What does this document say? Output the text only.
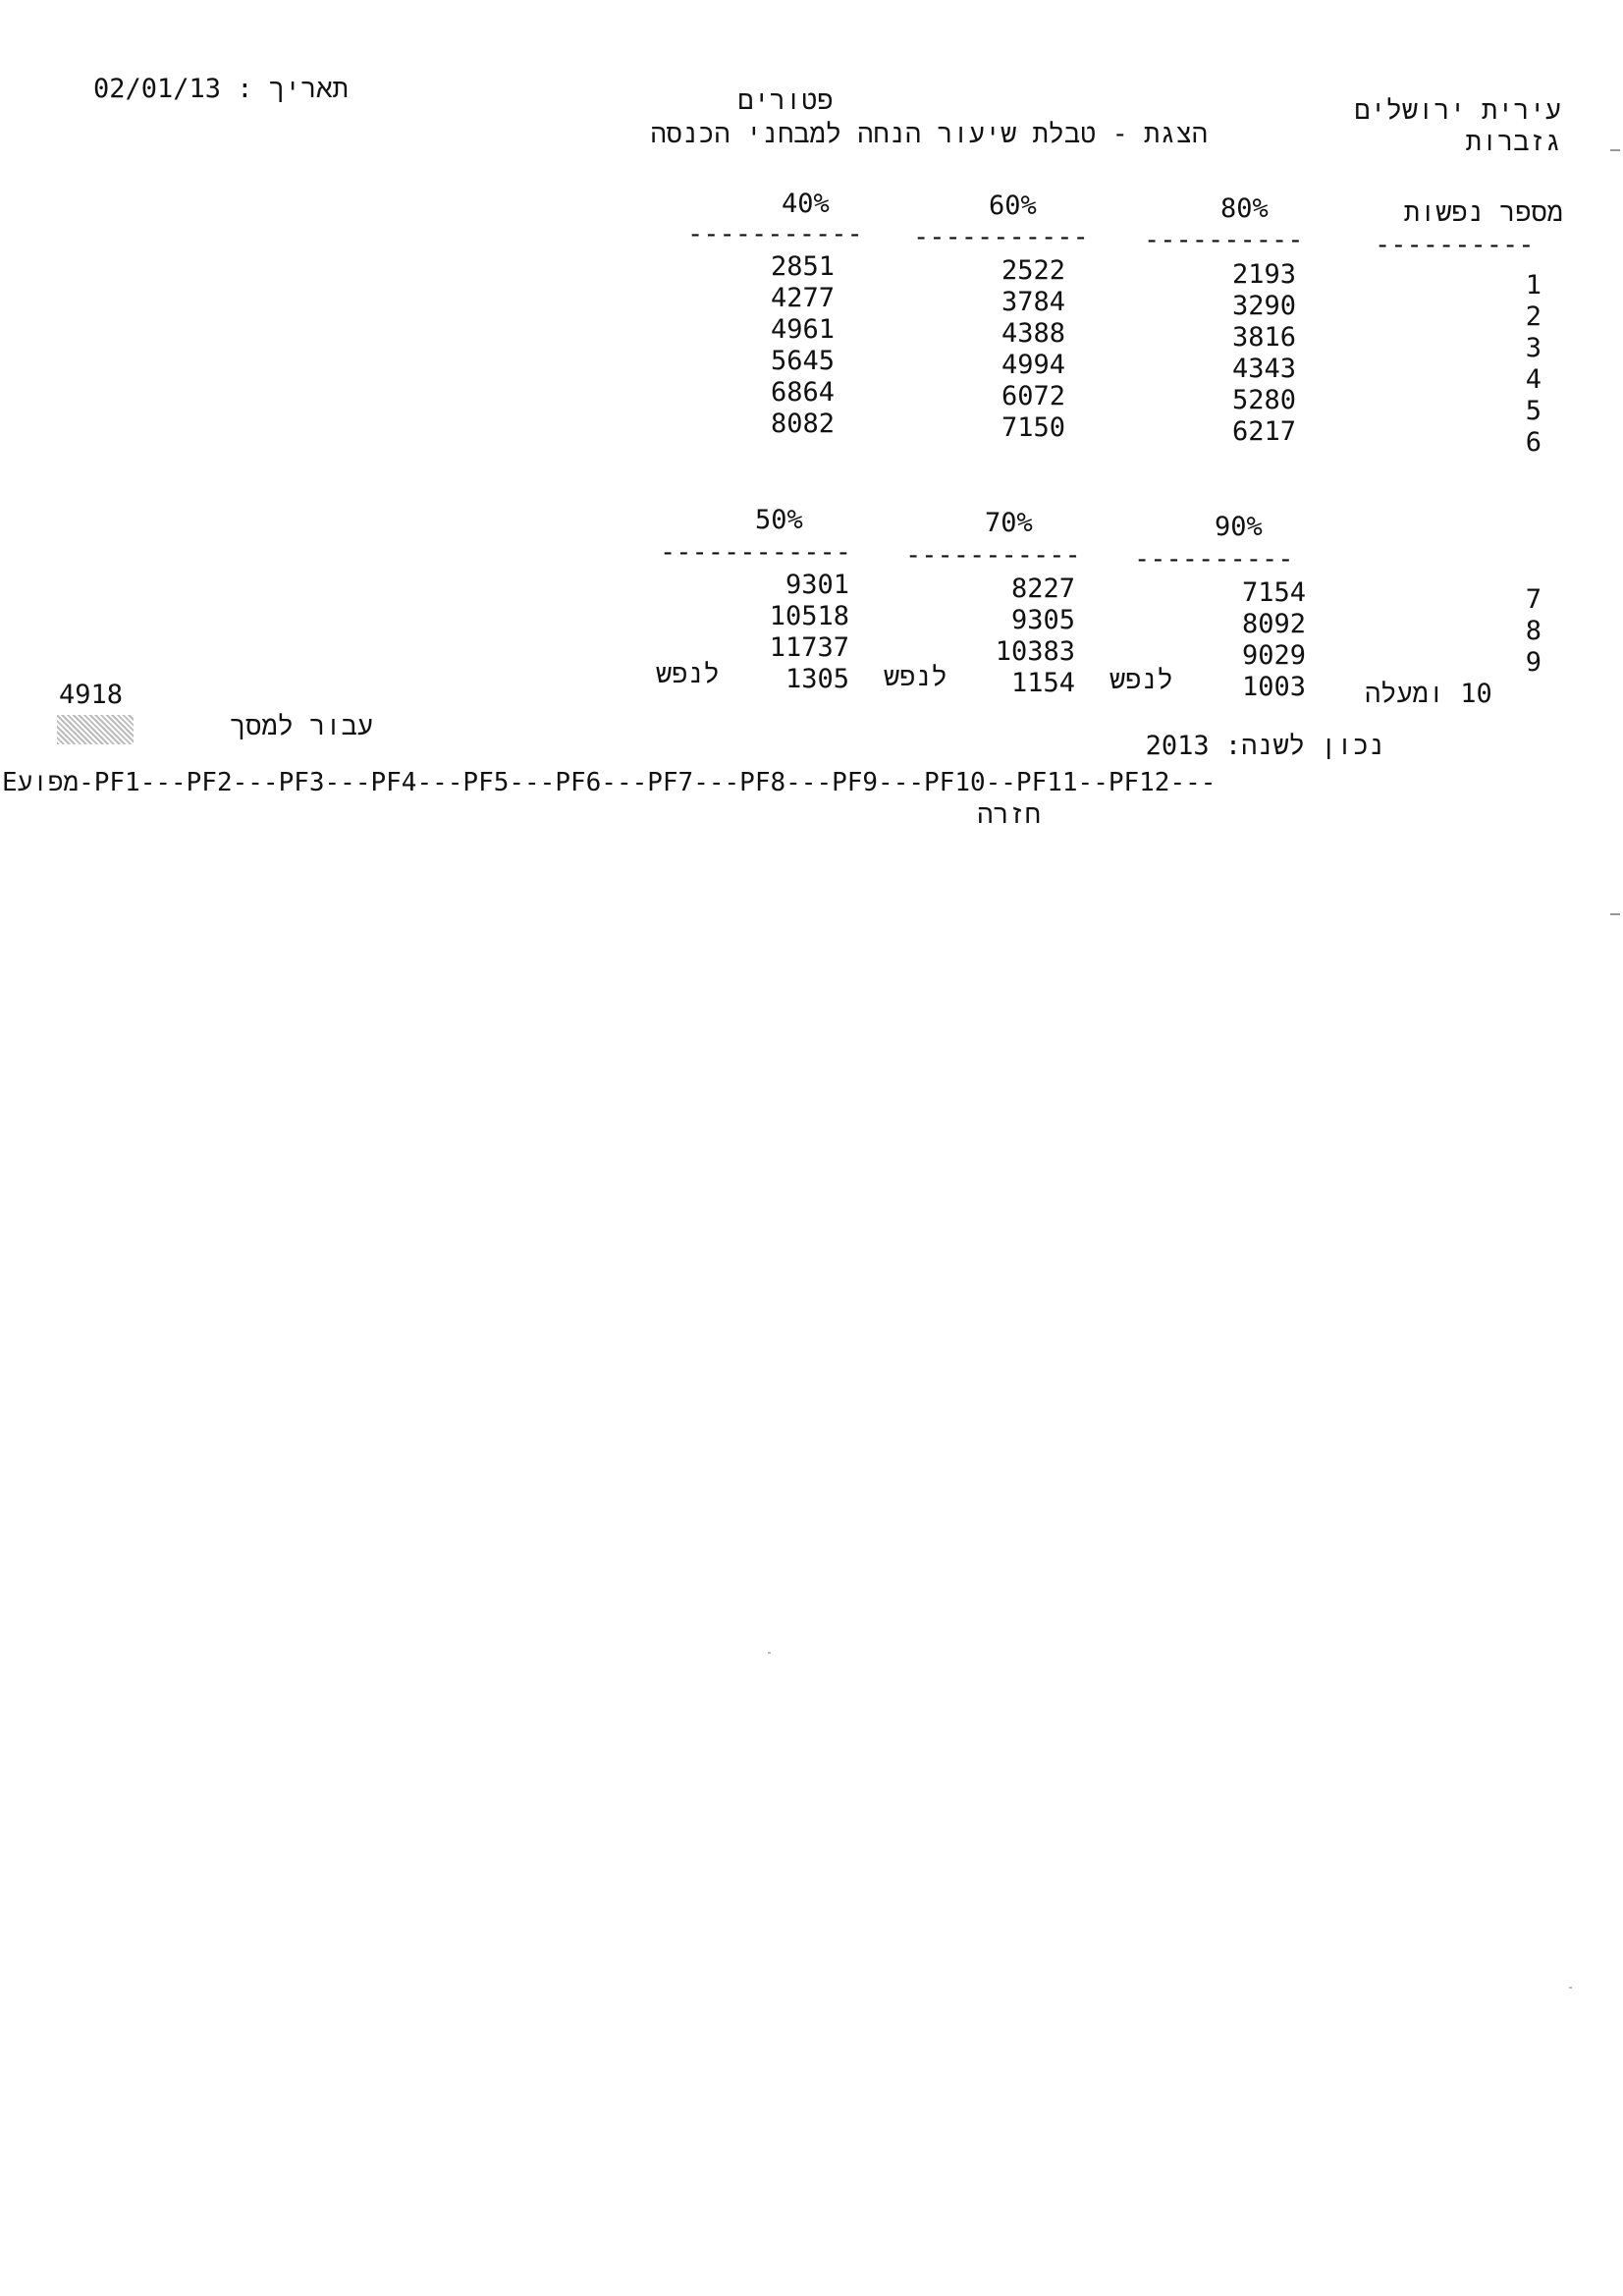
02/01/13 : תאריך
עירית ירושלים
גזברות
פטורים
הצגת - טבלת שיעור הנחה למבחני הכנסה
מספר נפשות
80%
60%
40%
----------
----------
-----------
-----------
1
2
3
4
5
6
2193
3290
3816
4343
5280
6217
2522
3784
4388
4994
6072
7150
2851
4277
4961
5645
6864
8082
90%
70%
50%
----------
-----------
------------
7
8
9
10 ומעלה
7154
8092
9029
1003
8227
9305
10383
1154
9301
10518
11737
1305	לנפש
לנפש
לנפש
4918
עבור למסך
נכון לשנה: 2013
Eמפוע-PF1---PF2---PF3---PF4---PF5---PF6---PF7---PF8---PF9---PF10--PF11--PF12---
חזרה
